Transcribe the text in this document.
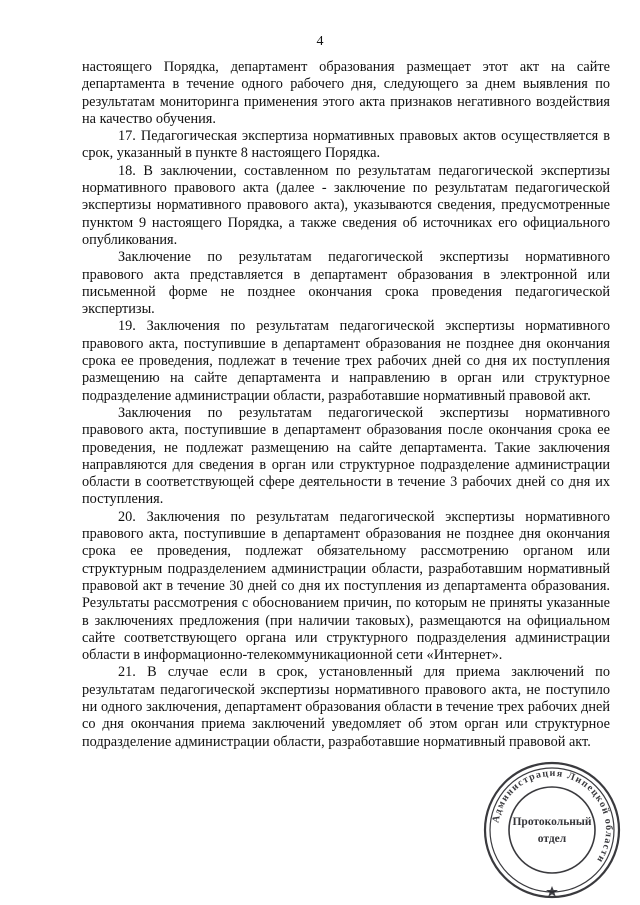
4

настоящего Порядка, департамент образования размещает этот акт на сайте департамента в течение одного рабочего дня, следующего за днем выявления по результатам мониторинга применения этого акта признаков негативного воздействия на качество обучения.

17. Педагогическая экспертиза нормативных правовых актов осуществляется в срок, указанный в пункте 8 настоящего Порядка.

18. В заключении, составленном по результатам педагогической экспертизы нормативного правового акта (далее - заключение по результатам педагогической экспертизы нормативного правового акта), указываются сведения, предусмотренные пунктом 9 настоящего Порядка, а также сведения об источниках его официального опубликования.

Заключение по результатам педагогической экспертизы нормативного правового акта представляется в департамент образования в электронной или письменной форме не позднее окончания срока проведения педагогической экспертизы.

19. Заключения по результатам педагогической экспертизы нормативного правового акта, поступившие в департамент образования не позднее дня окончания срока ее проведения, подлежат в течение трех рабочих дней со дня их поступления размещению на сайте департамента и направлению в орган или структурное подразделение администрации области, разработавшие нормативный правовой акт.

Заключения по результатам педагогической экспертизы нормативного правового акта, поступившие в департамент образования после окончания срока ее проведения, не подлежат размещению на сайте департамента. Такие заключения направляются для сведения в орган или структурное подразделение администрации области в соответствующей сфере деятельности в течение 3 рабочих дней со дня их поступления.

20. Заключения по результатам педагогической экспертизы нормативного правового акта, поступившие в департамент образования не позднее дня окончания срока ее проведения, подлежат обязательному рассмотрению органом или структурным подразделением администрации области, разработавшим нормативный правовой акт в течение 30 дней со дня их поступления из департамента образования. Результаты рассмотрения с обоснованием причин, по которым не приняты указанные в заключениях предложения (при наличии таковых), размещаются на официальном сайте соответствующего органа или структурного подразделения администрации области в информационно-телекоммуникационной сети «Интернет».

21. В случае если в срок, установленный для приема заключений по результатам педагогической экспертизы нормативного правового акта, не поступило ни одного заключения, департамент образования области в течение трех рабочих дней со дня окончания приема заключений уведомляет об этом орган или структурное подразделение администрации области, разработавшие нормативный правовой акт.

Администрация Липецкой области
Протокольный
отдел
